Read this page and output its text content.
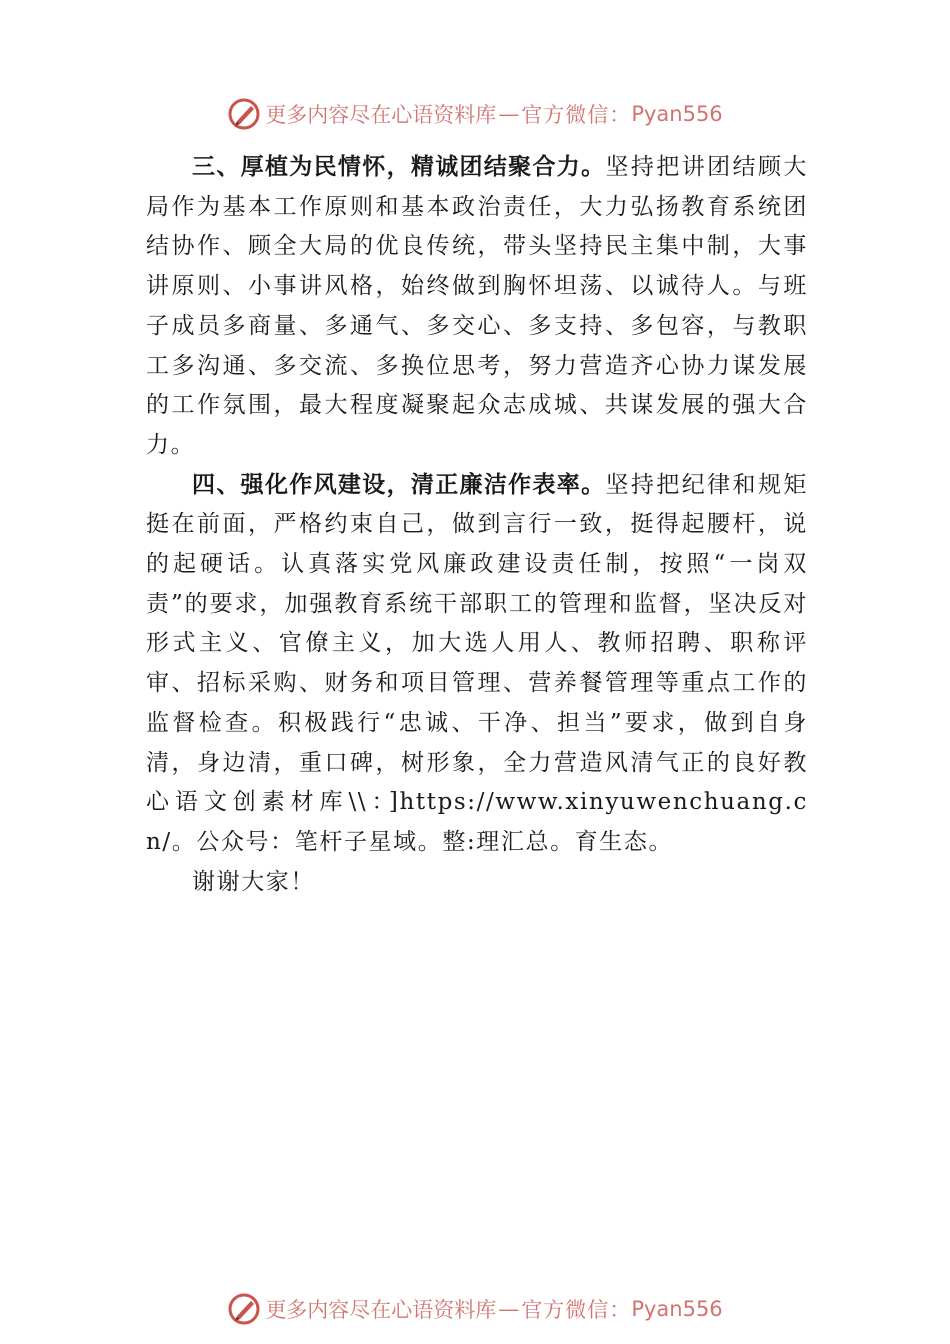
更多内容尽在心语资料库 — 官方微信： Pyan556

三、厚植为民情怀，精诚团结聚合力。坚持把讲团结顾大局作为基本工作原则和基本政治责任，大力弘扬教育系统团结协作、顾全大局的优良传统，带头坚持民主集中制，大事讲原则、小事讲风格，始终做到胸怀坦荡、以诚待人。与班子成员多商量、多通气、多交心、多支持、多包容，与教职工多沟通、多交流、多换位思考，努力营造齐心协力谋发展的工作氛围，最大程度凝聚起众志成城、共谋发展的强大合力。

四、强化作风建设，清正廉洁作表率。坚持把纪律和规矩挺在前面，严格约束自己，做到言行一致，挺得起腰杆，说的起硬话。认真落实党风廉政建设责任制，按照“一岗双责”的要求，加强教育系统干部职工的管理和监督，坚决反对形式主义、官僚主义，加大选人用人、教师招聘、职称评审、招标采购、财务和项目管理、营养餐管理等重点工作的监督检查。积极践行“忠诚、干净、担当”要求，做到自身清，身边清，重口碑，树形象，全力营造风清气正的良好教心语文创素材库\\：]https://www.xinyuwenchuang.cn/。公众号：笔杆子星域。整:理汇总。育生态。

谢谢大家！

更多内容尽在心语资料库 — 官方微信： Pyan556
